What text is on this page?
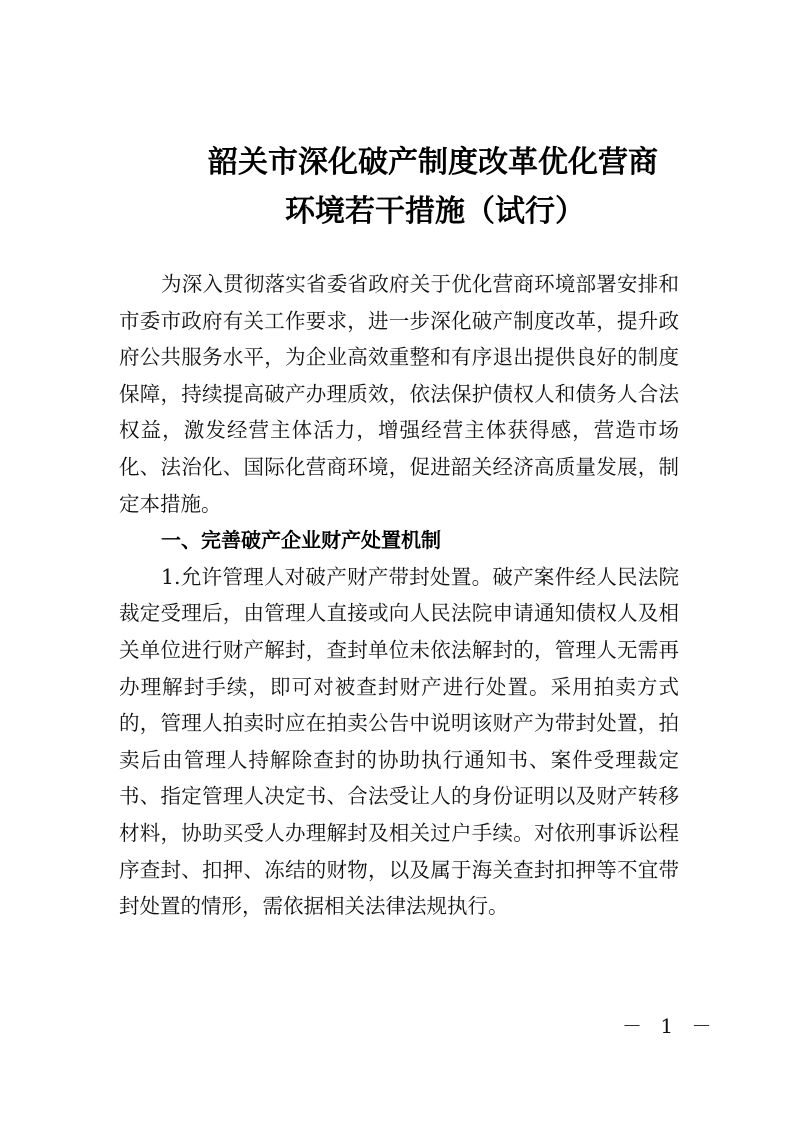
韶关市深化破产制度改革优化营商
环境若干措施（试行）

为深入贯彻落实省委省政府关于优化营商环境部署安排和市委市政府有关工作要求，进一步深化破产制度改革，提升政府公共服务水平，为企业高效重整和有序退出提供良好的制度保障，持续提高破产办理质效，依法保护债权人和债务人合法权益，激发经营主体活力，增强经营主体获得感，营造市场化、法治化、国际化营商环境，促进韶关经济高质量发展，制定本措施。

一、完善破产企业财产处置机制

1.允许管理人对破产财产带封处置。破产案件经人民法院裁定受理后，由管理人直接或向人民法院申请通知债权人及相关单位进行财产解封，查封单位未依法解封的，管理人无需再办理解封手续，即可对被查封财产进行处置。采用拍卖方式的，管理人拍卖时应在拍卖公告中说明该财产为带封处置，拍卖后由管理人持解除查封的协助执行通知书、案件受理裁定书、指定管理人决定书、合法受让人的身份证明以及财产转移材料，协助买受人办理解封及相关过户手续。对依刑事诉讼程序查封、扣押、冻结的财物，以及属于海关查封扣押等不宜带封处置的情形，需依据相关法律法规执行。

－ 1 －
